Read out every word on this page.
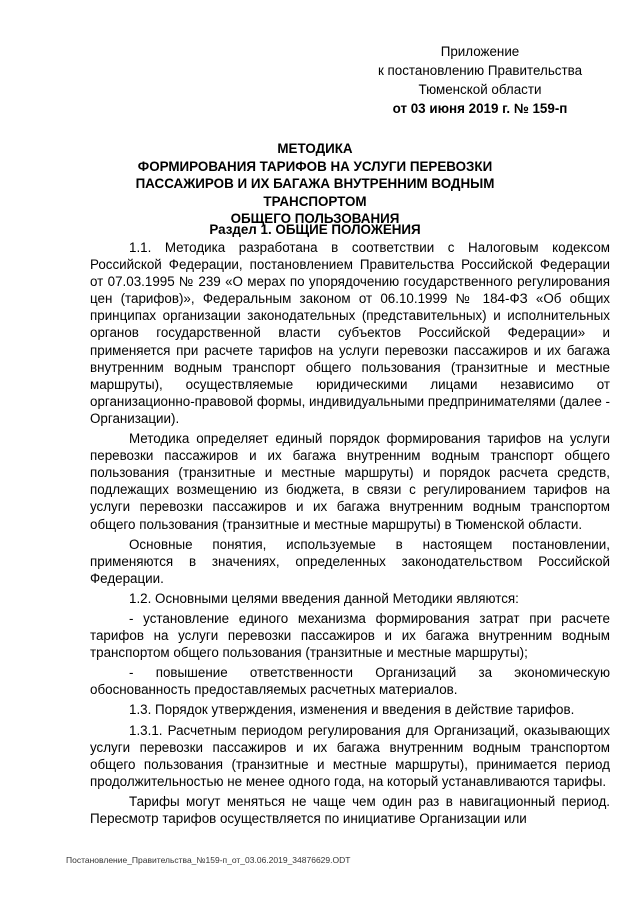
Приложение
к постановлению Правительства
Тюменской области
от 03 июня 2019 г. № 159-п
МЕТОДИКА
ФОРМИРОВАНИЯ ТАРИФОВ НА УСЛУГИ ПЕРЕВОЗКИ
ПАССАЖИРОВ И ИХ БАГАЖА ВНУТРЕННИМ ВОДНЫМ ТРАНСПОРТОМ
ОБЩЕГО ПОЛЬЗОВАНИЯ
Раздел 1. ОБЩИЕ ПОЛОЖЕНИЯ

1.1. Методика разработана в соответствии с Налоговым кодексом Российской Федерации, постановлением Правительства Российской Федерации от 07.03.1995 № 239 «О мерах по упорядочению государственного регулирования цен (тарифов)», Федеральным законом от 06.10.1999 № 184-ФЗ «Об общих принципах организации законодательных (представительных) и исполнительных органов государственной власти субъектов Российской Федерации» и применяется при расчете тарифов на услуги перевозки пассажиров и их багажа внутренним водным транспорт общего пользования (транзитные и местные маршруты), осуществляемые юридическими лицами независимо от организационно-правовой формы, индивидуальными предпринимателями (далее - Организации).

Методика определяет единый порядок формирования тарифов на услуги перевозки пассажиров и их багажа внутренним водным транспорт общего пользования (транзитные и местные маршруты) и порядок расчета средств, подлежащих возмещению из бюджета, в связи с регулированием тарифов на услуги перевозки пассажиров и их багажа внутренним водным транспортом общего пользования (транзитные и местные маршруты) в Тюменской области.

Основные понятия, используемые в настоящем постановлении, применяются в значениях, определенных законодательством Российской Федерации.

1.2. Основными целями введения данной Методики являются:

- установление единого механизма формирования затрат при расчете тарифов на услуги перевозки пассажиров и их багажа внутренним водным транспортом общего пользования (транзитные и местные маршруты);

- повышение ответственности Организаций за экономическую обоснованность предоставляемых расчетных материалов.

1.3. Порядок утверждения, изменения и введения в действие тарифов.

1.3.1. Расчетным периодом регулирования для Организаций, оказывающих услуги перевозки пассажиров и их багажа внутренним водным транспортом общего пользования (транзитные и местные маршруты), принимается период продолжительностью не менее одного года, на который устанавливаются тарифы.

Тарифы могут меняться не чаще чем один раз в навигационный период. Пересмотр тарифов осуществляется по инициативе Организации или

Постановление_Правительства_№159-п_от_03.06.2019_34876629.ODT
